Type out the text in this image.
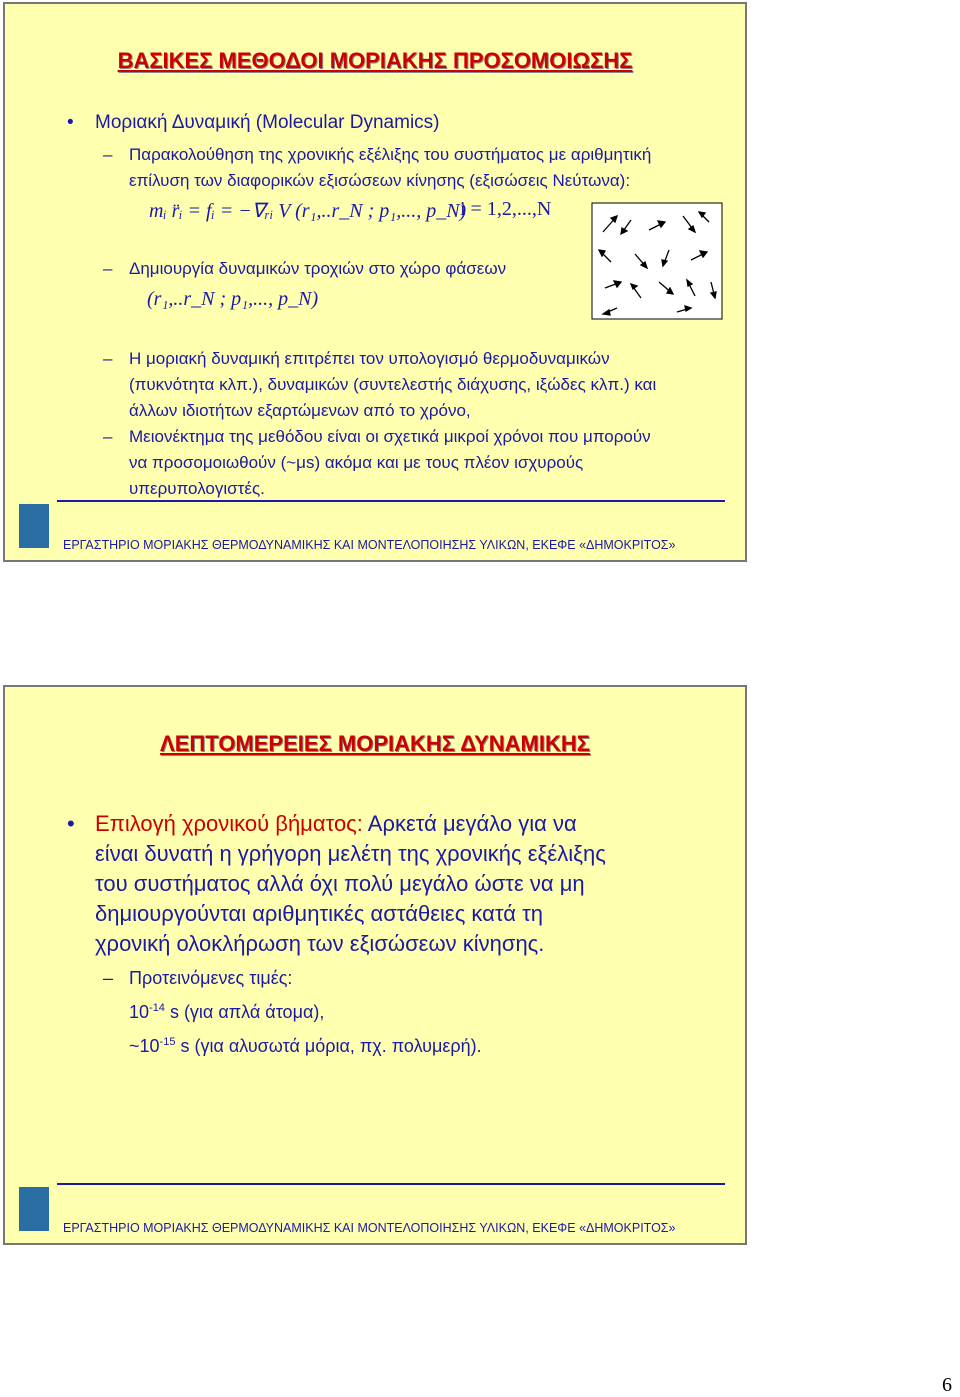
ΒΑΣΙΚΕΣ ΜΕΘΟΔΟΙ ΜΟΡΙΑΚΗΣ ΠΡΟΣΟΜΟΙΩΣΗΣ
• Μοριακή Δυναμική (Molecular Dynamics)
– Παρακολούθηση της χρονικής εξέλιξης του συστήματος με αριθμητική
επίλυση των διαφορικών εξισώσεων κίνησης (εξισώσεις Νεύτωνα):
mᵢ r̈ᵢ = fᵢ = −∇ᵣᵢ V (r₁,..r_N ; p₁,..., p_N)
i = 1,2,...,N
– Δημιουργία δυναμικών τροχιών στο χώρο φάσεων
(r₁,..r_N ; p₁,..., p_N)
– Η μοριακή δυναμική επιτρέπει τον υπολογισμό θερμοδυναμικών
(πυκνότητα κλπ.), δυναμικών (συντελεστής διάχυσης, ιξώδες κλπ.) και
άλλων ιδιοτήτων εξαρτώμενων από το χρόνο,
– Μειονέκτημα της μεθόδου είναι οι σχετικά μικροί χρόνοι που μπορούν
να προσομοιωθούν (~μs) ακόμα και με τους πλέον ισχυρούς
υπερυπολογιστές.
ΕΡΓΑΣΤΗΡΙΟ ΜΟΡΙΑΚΗΣ ΘΕΡΜΟΔΥΝΑΜΙΚΗΣ ΚΑΙ ΜΟΝΤΕΛΟΠΟΙΗΣΗΣ ΥΛΙΚΩΝ, ΕΚΕΦΕ «ΔΗΜΟΚΡΙΤΟΣ»
ΛΕΠΤΟΜΕΡΕΙΕΣ ΜΟΡΙΑΚΗΣ ΔΥΝΑΜΙΚΗΣ
• Επιλογή χρονικού βήματος: Αρκετά μεγάλο για να
είναι δυνατή η γρήγορη μελέτη της χρονικής εξέλιξης
του συστήματος αλλά όχι πολύ μεγάλο ώστε να μη
δημιουργούνται αριθμητικές αστάθειες κατά τη
χρονική ολοκλήρωση των εξισώσεων κίνησης.
– Προτεινόμενες τιμές:
$10^{-14}$ s (για απλά άτομα),
$\sim 10^{-15}$ s (για αλυσωτά μόρια, πχ. πολυμερή).
ΕΡΓΑΣΤΗΡΙΟ ΜΟΡΙΑΚΗΣ ΘΕΡΜΟΔΥΝΑΜΙΚΗΣ ΚΑΙ ΜΟΝΤΕΛΟΠΟΙΗΣΗΣ ΥΛΙΚΩΝ, ΕΚΕΦΕ «ΔΗΜΟΚΡΙΤΟΣ»
6
